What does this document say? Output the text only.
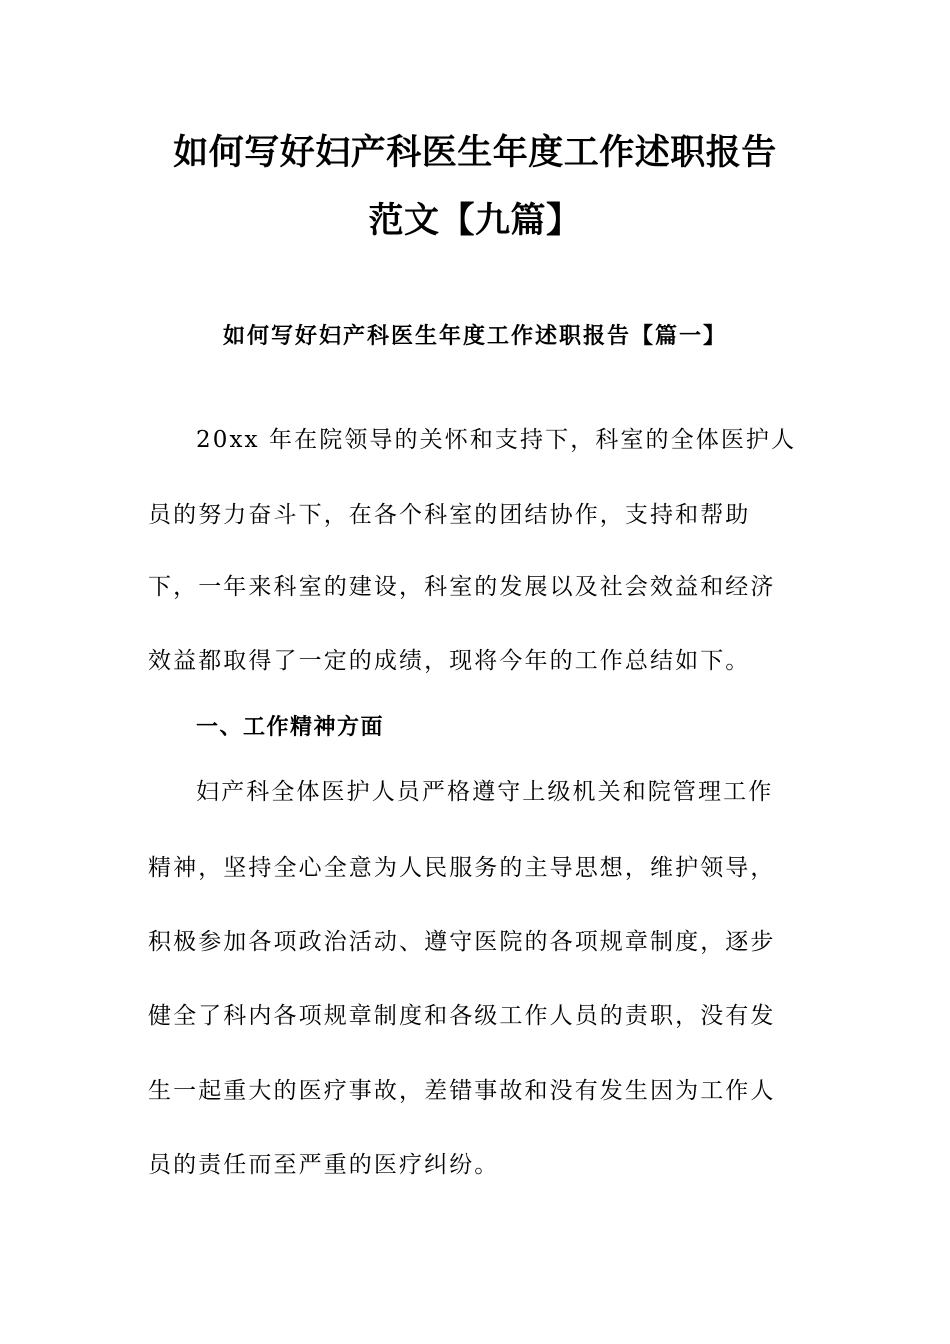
如何写好妇产科医生年度工作述职报告
范文【九篇】
如何写好妇产科医生年度工作述职报告【篇一】
20xx 年在院领导的关怀和支持下，科室的全体医护人
员的努力奋斗下，在各个科室的团结协作，支持和帮助
下，一年来科室的建设，科室的发展以及社会效益和经济
效益都取得了一定的成绩，现将今年的工作总结如下。
一、工作精神方面
妇产科全体医护人员严格遵守上级机关和院管理工作
精神，坚持全心全意为人民服务的主导思想，维护领导，
积极参加各项政治活动、遵守医院的各项规章制度，逐步
健全了科内各项规章制度和各级工作人员的责职，没有发
生一起重大的医疗事故，差错事故和没有发生因为工作人
员的责任而至严重的医疗纠纷。
